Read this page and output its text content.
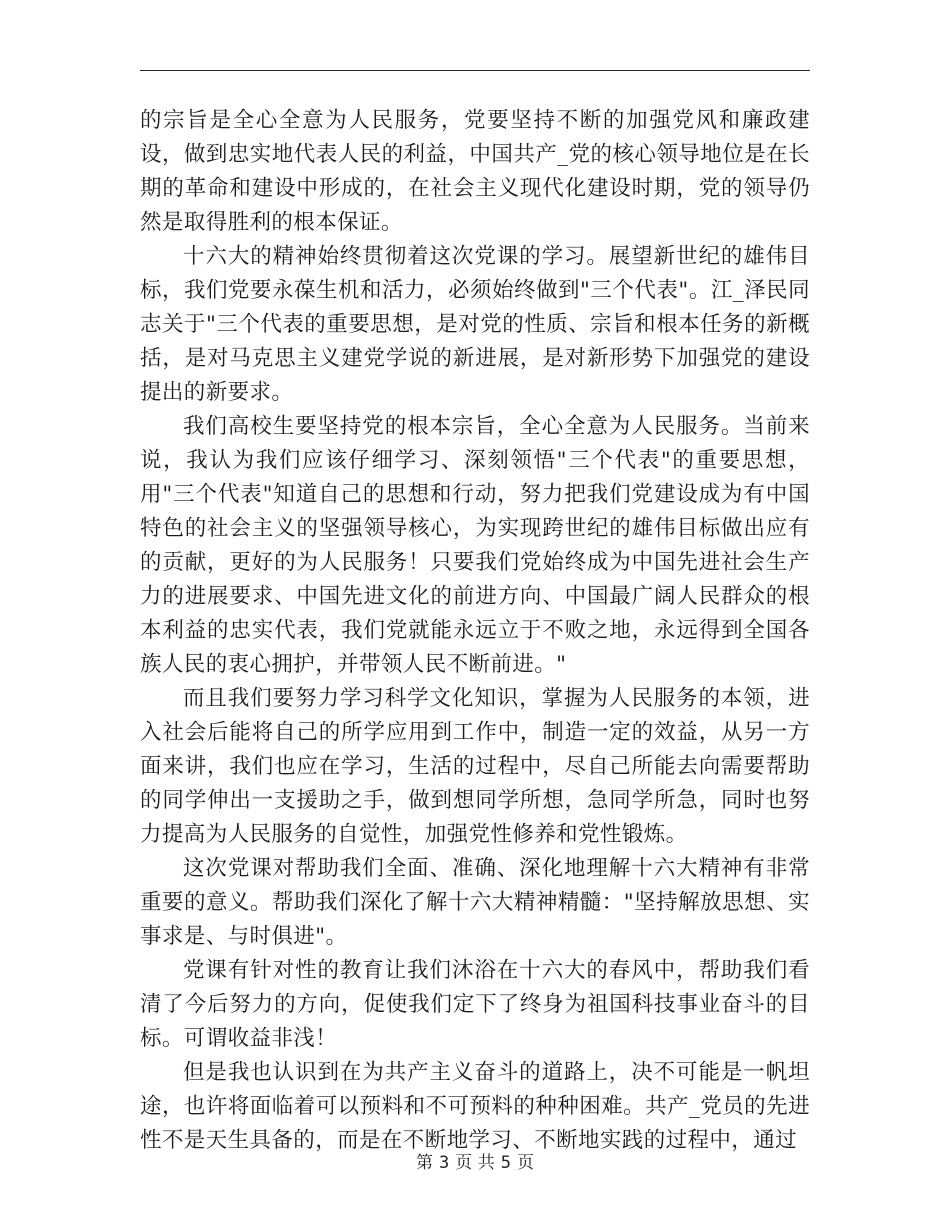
的宗旨是全心全意为人民服务，党要坚持不断的加强党风和廉政建设，做到忠实地代表人民的利益，中国共产_党的核心领导地位是在长期的革命和建设中形成的，在社会主义现代化建设时期，党的领导仍然是取得胜利的根本保证。

十六大的精神始终贯彻着这次党课的学习。展望新世纪的雄伟目标，我们党要永葆生机和活力，必须始终做到"三个代表"。江_泽民同志关于"三个代表的重要思想，是对党的性质、宗旨和根本任务的新概括，是对马克思主义建党学说的新进展，是对新形势下加强党的建设提出的新要求。

我们高校生要坚持党的根本宗旨，全心全意为人民服务。当前来说，我认为我们应该仔细学习、深刻领悟"三个代表"的重要思想，用"三个代表"知道自己的思想和行动，努力把我们党建设成为有中国特色的社会主义的坚强领导核心，为实现跨世纪的雄伟目标做出应有的贡献，更好的为人民服务！只要我们党始终成为中国先进社会生产力的进展要求、中国先进文化的前进方向、中国最广阔人民群众的根本利益的忠实代表，我们党就能永远立于不败之地，永远得到全国各族人民的衷心拥护，并带领人民不断前进。"

而且我们要努力学习科学文化知识，掌握为人民服务的本领，进入社会后能将自己的所学应用到工作中，制造一定的效益，从另一方面来讲，我们也应在学习，生活的过程中，尽自己所能去向需要帮助的同学伸出一支援助之手，做到想同学所想，急同学所急，同时也努力提高为人民服务的自觉性，加强党性修养和党性锻炼。

这次党课对帮助我们全面、准确、深化地理解十六大精神有非常重要的意义。帮助我们深化了解十六大精神精髓："坚持解放思想、实事求是、与时俱进"。

党课有针对性的教育让我们沐浴在十六大的春风中，帮助我们看清了今后努力的方向，促使我们定下了终身为祖国科技事业奋斗的目标。可谓收益非浅！

但是我也认识到在为共产主义奋斗的道路上，决不可能是一帆坦途，也许将面临着可以预料和不可预料的种种困难。共产_党员的先进性不是天生具备的，而是在不断地学习、不断地实践的过程中，通过

第 3 页 共 5 页
